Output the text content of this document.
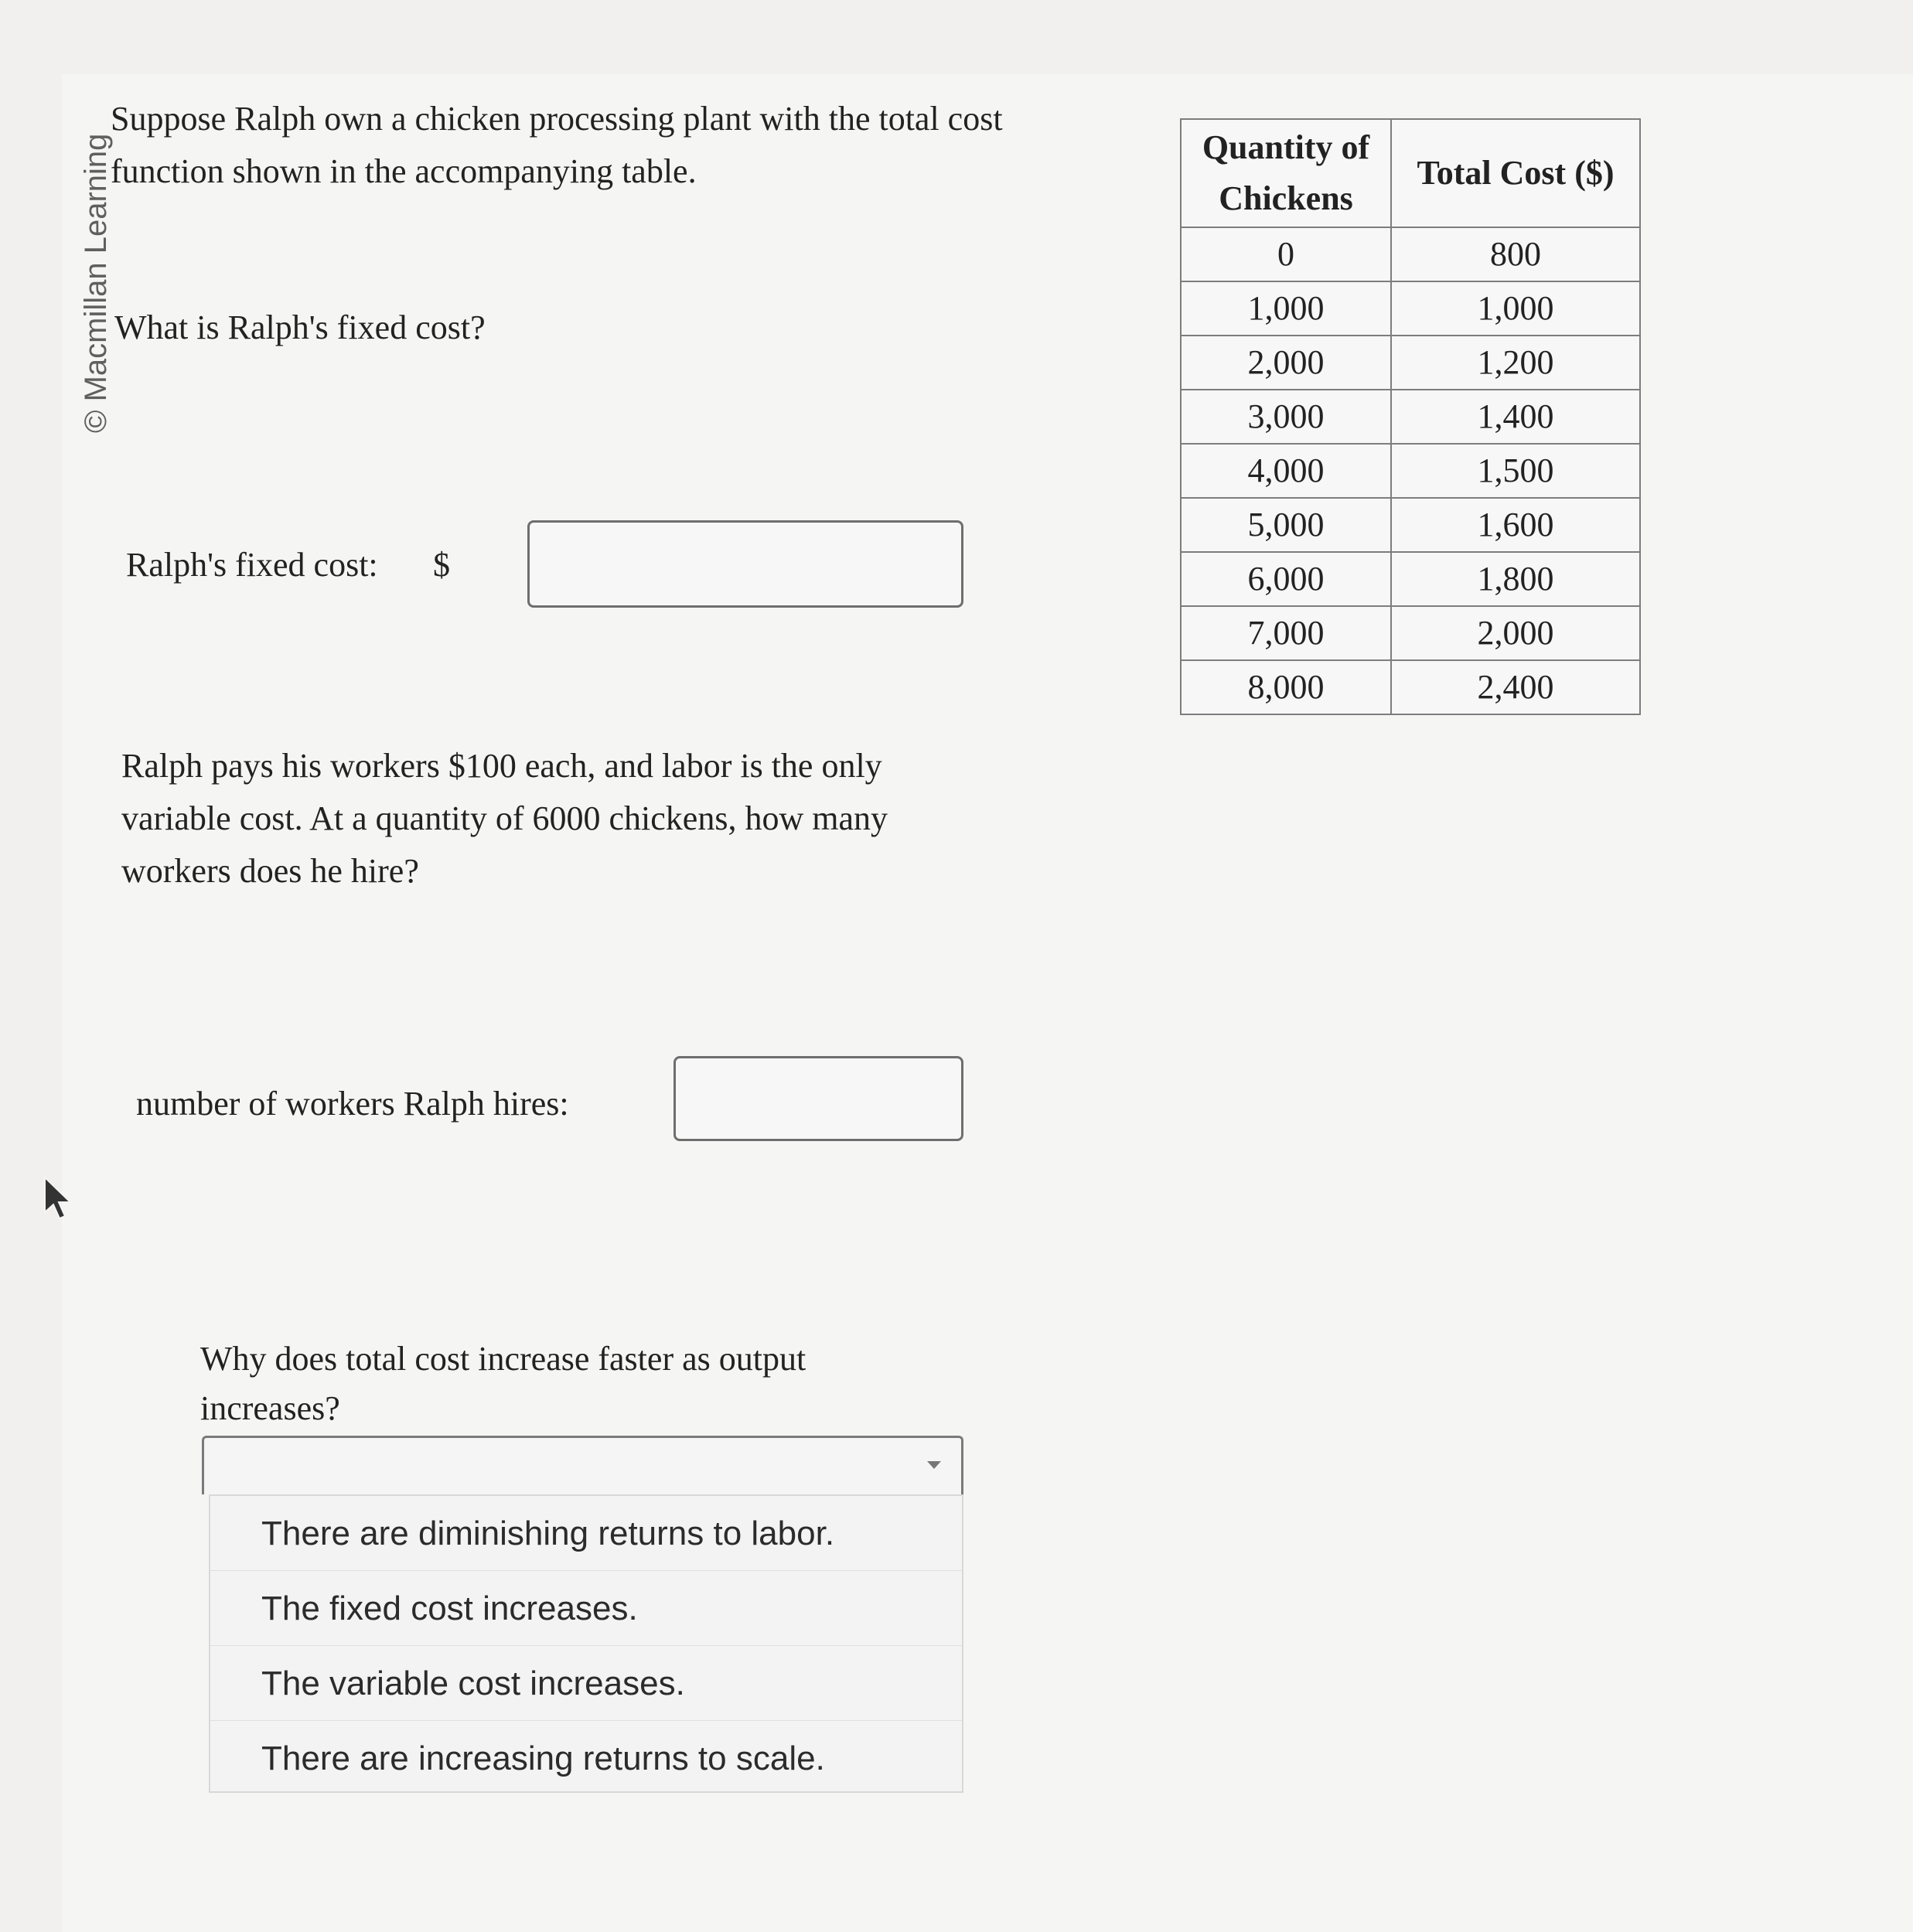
© Macmillan Learning

Suppose Ralph own a chicken processing plant with the total cost function shown in the accompanying table.

What is Ralph's fixed cost?

Ralph's fixed cost:	$

Ralph pays his workers $100 each, and labor is the only variable cost. At a quantity of 6000 chickens, how many workers does he hire?

number of workers Ralph hires:

Why does total cost increase faster as output increases?

There are diminishing returns to labor.
The fixed cost increases.
The variable cost increases.
There are increasing returns to scale.
Quantity of Chickens	Total Cost ($)
0	800
1,000	1,000
2,000	1,200
3,000	1,400
4,000	1,500
5,000	1,600
6,000	1,800
7,000	2,000
8,000	2,400
